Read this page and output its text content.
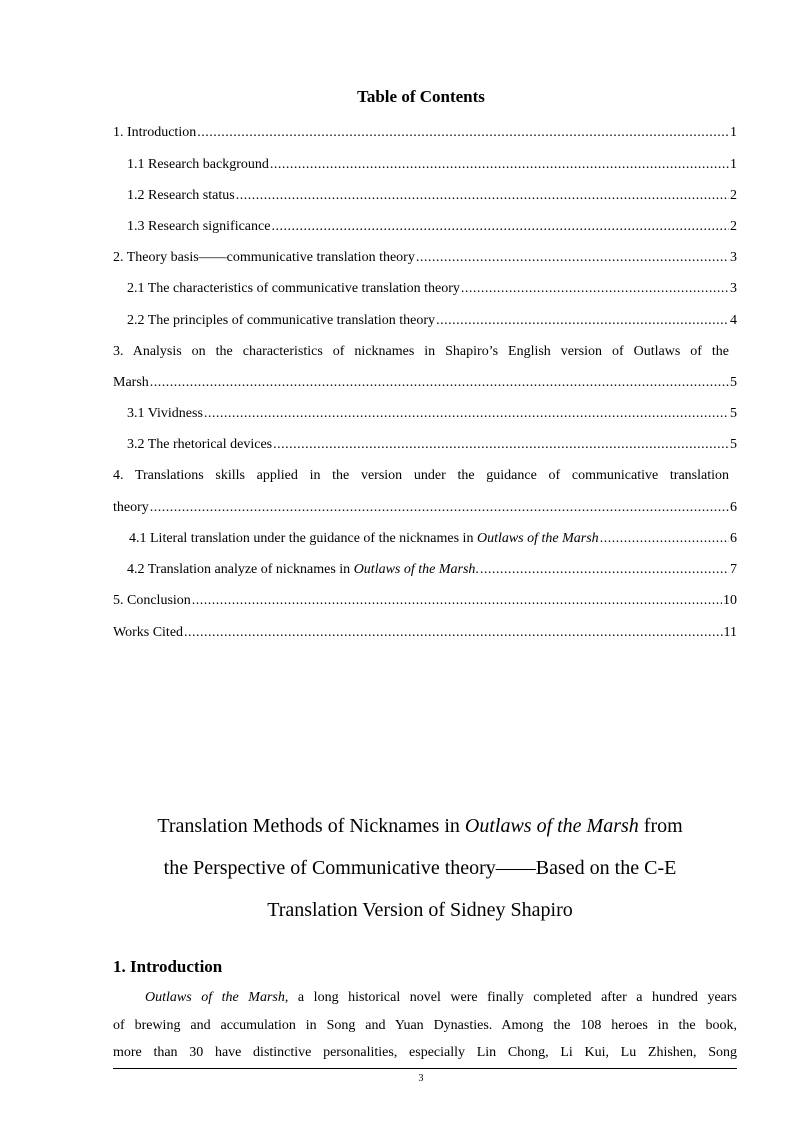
Table of Contents
1. Introduction .....	1
1.1 Research background .....	1
1.2 Research status .....	2
1.3 Research significance .....	2
2. Theory basis——communicative translation theory .....	3
2.1 The characteristics of communicative translation theory .....	3
2.2 The principles of communicative translation theory .....	4
3. Analysis on the characteristics of nicknames in Shapiro’s English version of Outlaws of the
Marsh .....	5
3.1 Vividness .....	5
3.2 The rhetorical devices .....	5
4. Translations skills applied in the version under the guidance of communicative translation
theory .....	6
4.1 Literal translation under the guidance of the nicknames in Outlaws of the Marsh .....	6
4.2 Translation analyze of nicknames in Outlaws of the Marsh. .....	7
5. Conclusion .....	10
Works Cited .....	11
Translation Methods of Nicknames in Outlaws of the Marsh from
the Perspective of Communicative theory——Based on the C-E
Translation Version of Sidney Shapiro
1. Introduction
Outlaws of the Marsh, a long historical novel were finally completed after a hundred years
of brewing and accumulation in Song and Yuan Dynasties. Among the 108 heroes in the book,
more than 30 have distinctive personalities, especially Lin Chong, Li Kui, Lu Zhishen, Song
3
